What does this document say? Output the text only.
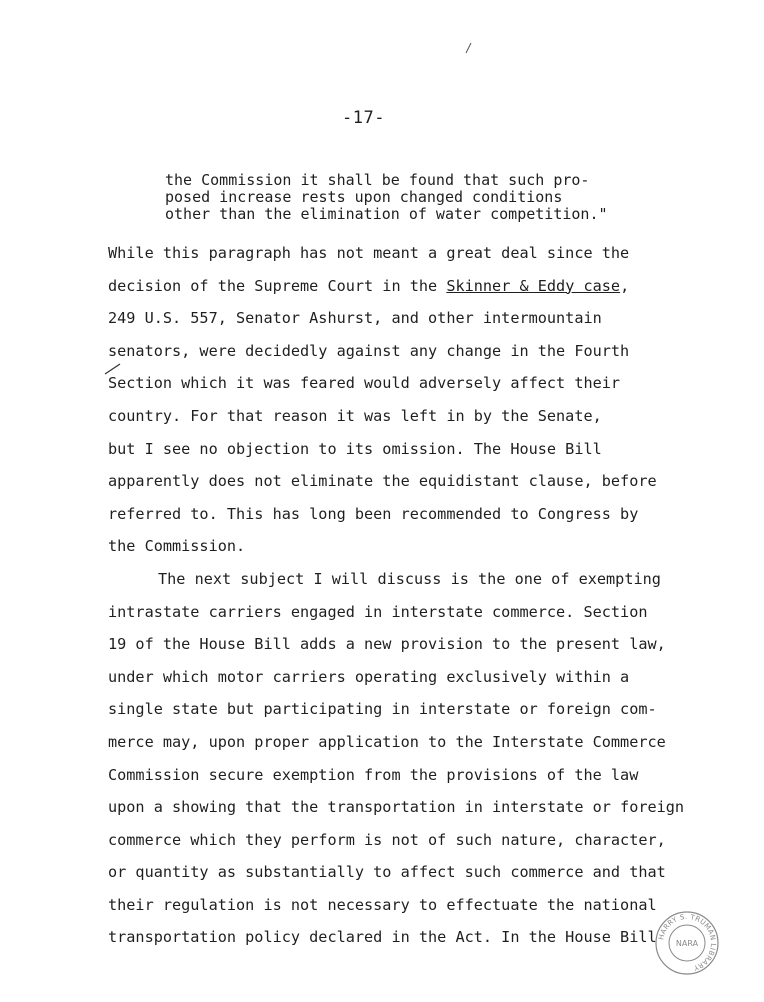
-17-
the Commission it shall be found that such pro-
posed increase rests upon changed conditions
other than the elimination of water competition."
While this paragraph has not meant a great deal since the
decision of the Supreme Court in the Skinner & Eddy case,
249 U.S. 557, Senator Ashurst, and other intermountain
senators, were decidedly against any change in the Fourth
Section which it was feared would adversely affect their
country. For that reason it was left in by the Senate,
but I see no objection to its omission. The House Bill
apparently does not eliminate the equidistant clause, before
referred to. This has long been recommended to Congress by
the Commission.
The next subject I will discuss is the one of exempting
intrastate carriers engaged in interstate commerce. Section
19 of the House Bill adds a new provision to the present law,
under which motor carriers operating exclusively within a
single state but participating in interstate or foreign com-
merce may, upon proper application to the Interstate Commerce
Commission secure exemption from the provisions of the law
upon a showing that the transportation in interstate or foreign
commerce which they perform is not of such nature, character,
or quantity as substantially to affect such commerce and that
their regulation is not necessary to effectuate the national
transportation policy declared in the Act. In the House Bill HARRY S. TRUMAN LIBRARY
NARA
